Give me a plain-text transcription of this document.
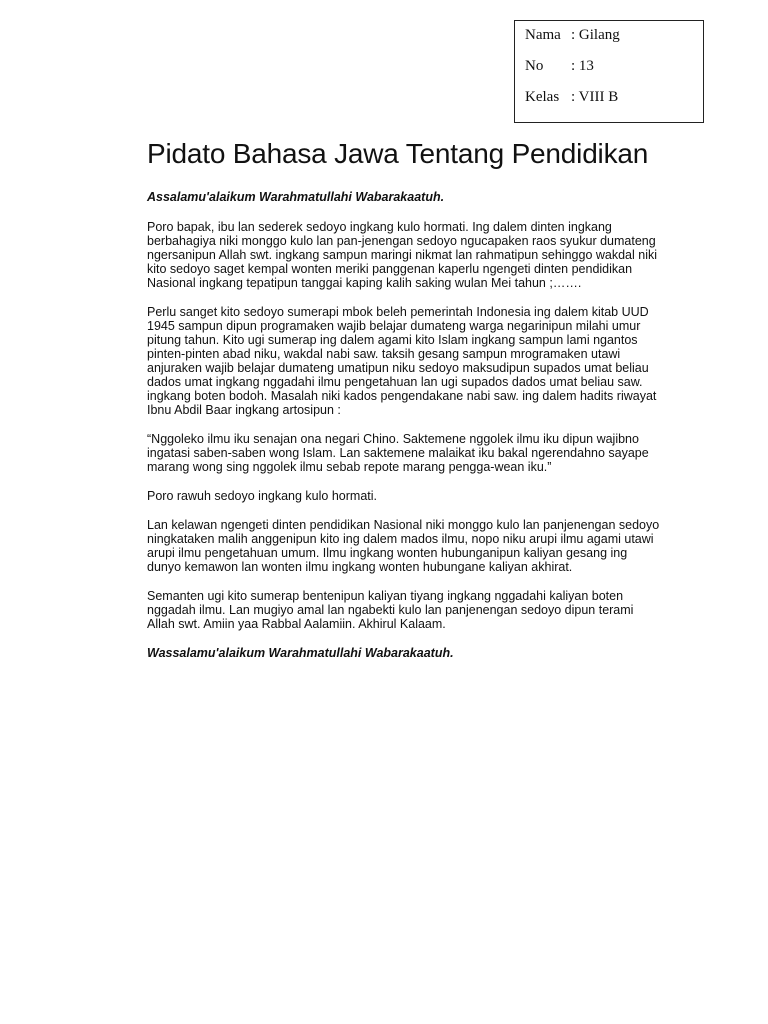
Nama : Gilang
No	: 13
Kelas : VIII B
Pidato Bahasa Jawa Tentang Pendidikan

Assalamu'alaikum Warahmatullahi Wabarakaatuh.

Poro bapak, ibu lan sederek sedoyo ingkang kulo hormati. Ing dalem dinten ingkang berbahagiya niki monggo kulo lan pan-jenengan sedoyo ngucapaken raos syukur dumateng ngersanipun Allah swt. ingkang sampun maringi nikmat lan rahmatipun sehinggo wakdal niki kito sedoyo saget kempal wonten meriki panggenan kaperlu ngengeti dinten pendidikan Nasional ingkang tepatipun tanggai kaping kalih saking wulan Mei tahun ;…….

Perlu sanget kito sedoyo sumerapi mbok beleh pemerintah Indonesia ing dalem kitab UUD 1945 sampun dipun programaken wajib belajar dumateng warga negarinipun milahi umur pitung tahun. Kito ugi sumerap ing dalem agami kito Islam ingkang sampun lami ngantos pinten-pinten abad niku, wakdal nabi saw. taksih gesang sampun mrogramaken utawi anjuraken wajib belajar dumateng umatipun niku sedoyo maksudipun supados umat beliau dados umat ingkang nggadahi ilmu pengetahuan lan ugi supados dados umat beliau saw. ingkang boten bodoh. Masalah niki kados pengendakane nabi saw. ing dalem hadits riwayat Ibnu Abdil Baar ingkang artosipun :

“Nggoleko ilmu iku senajan ona negari Chino. Saktemene nggolek ilmu iku dipun wajibno ingatasi saben-saben wong Islam. Lan saktemene malaikat iku bakal ngerendahno sayape marang wong sing nggolek ilmu sebab repote marang pengga-wean iku.”

Poro rawuh sedoyo ingkang kulo hormati.

Lan kelawan ngengeti dinten pendidikan Nasional niki monggo kulo lan panjenengan sedoyo ningkataken malih anggenipun kito ing dalem mados ilmu, nopo niku arupi ilmu agami utawi arupi ilmu pengetahuan umum. Ilmu ingkang wonten hubunganipun kaliyan gesang ing dunyo kemawon lan wonten ilmu ingkang wonten hubungane kaliyan akhirat.

Semanten ugi kito sumerap bentenipun kaliyan tiyang ingkang nggadahi kaliyan boten nggadah ilmu. Lan mugiyo amal lan ngabekti kulo lan panjenengan sedoyo dipun terami Allah swt. Amiin yaa Rabbal Aalamiin. Akhirul Kalaam.

Wassalamu'alaikum Warahmatullahi Wabarakaatuh.
